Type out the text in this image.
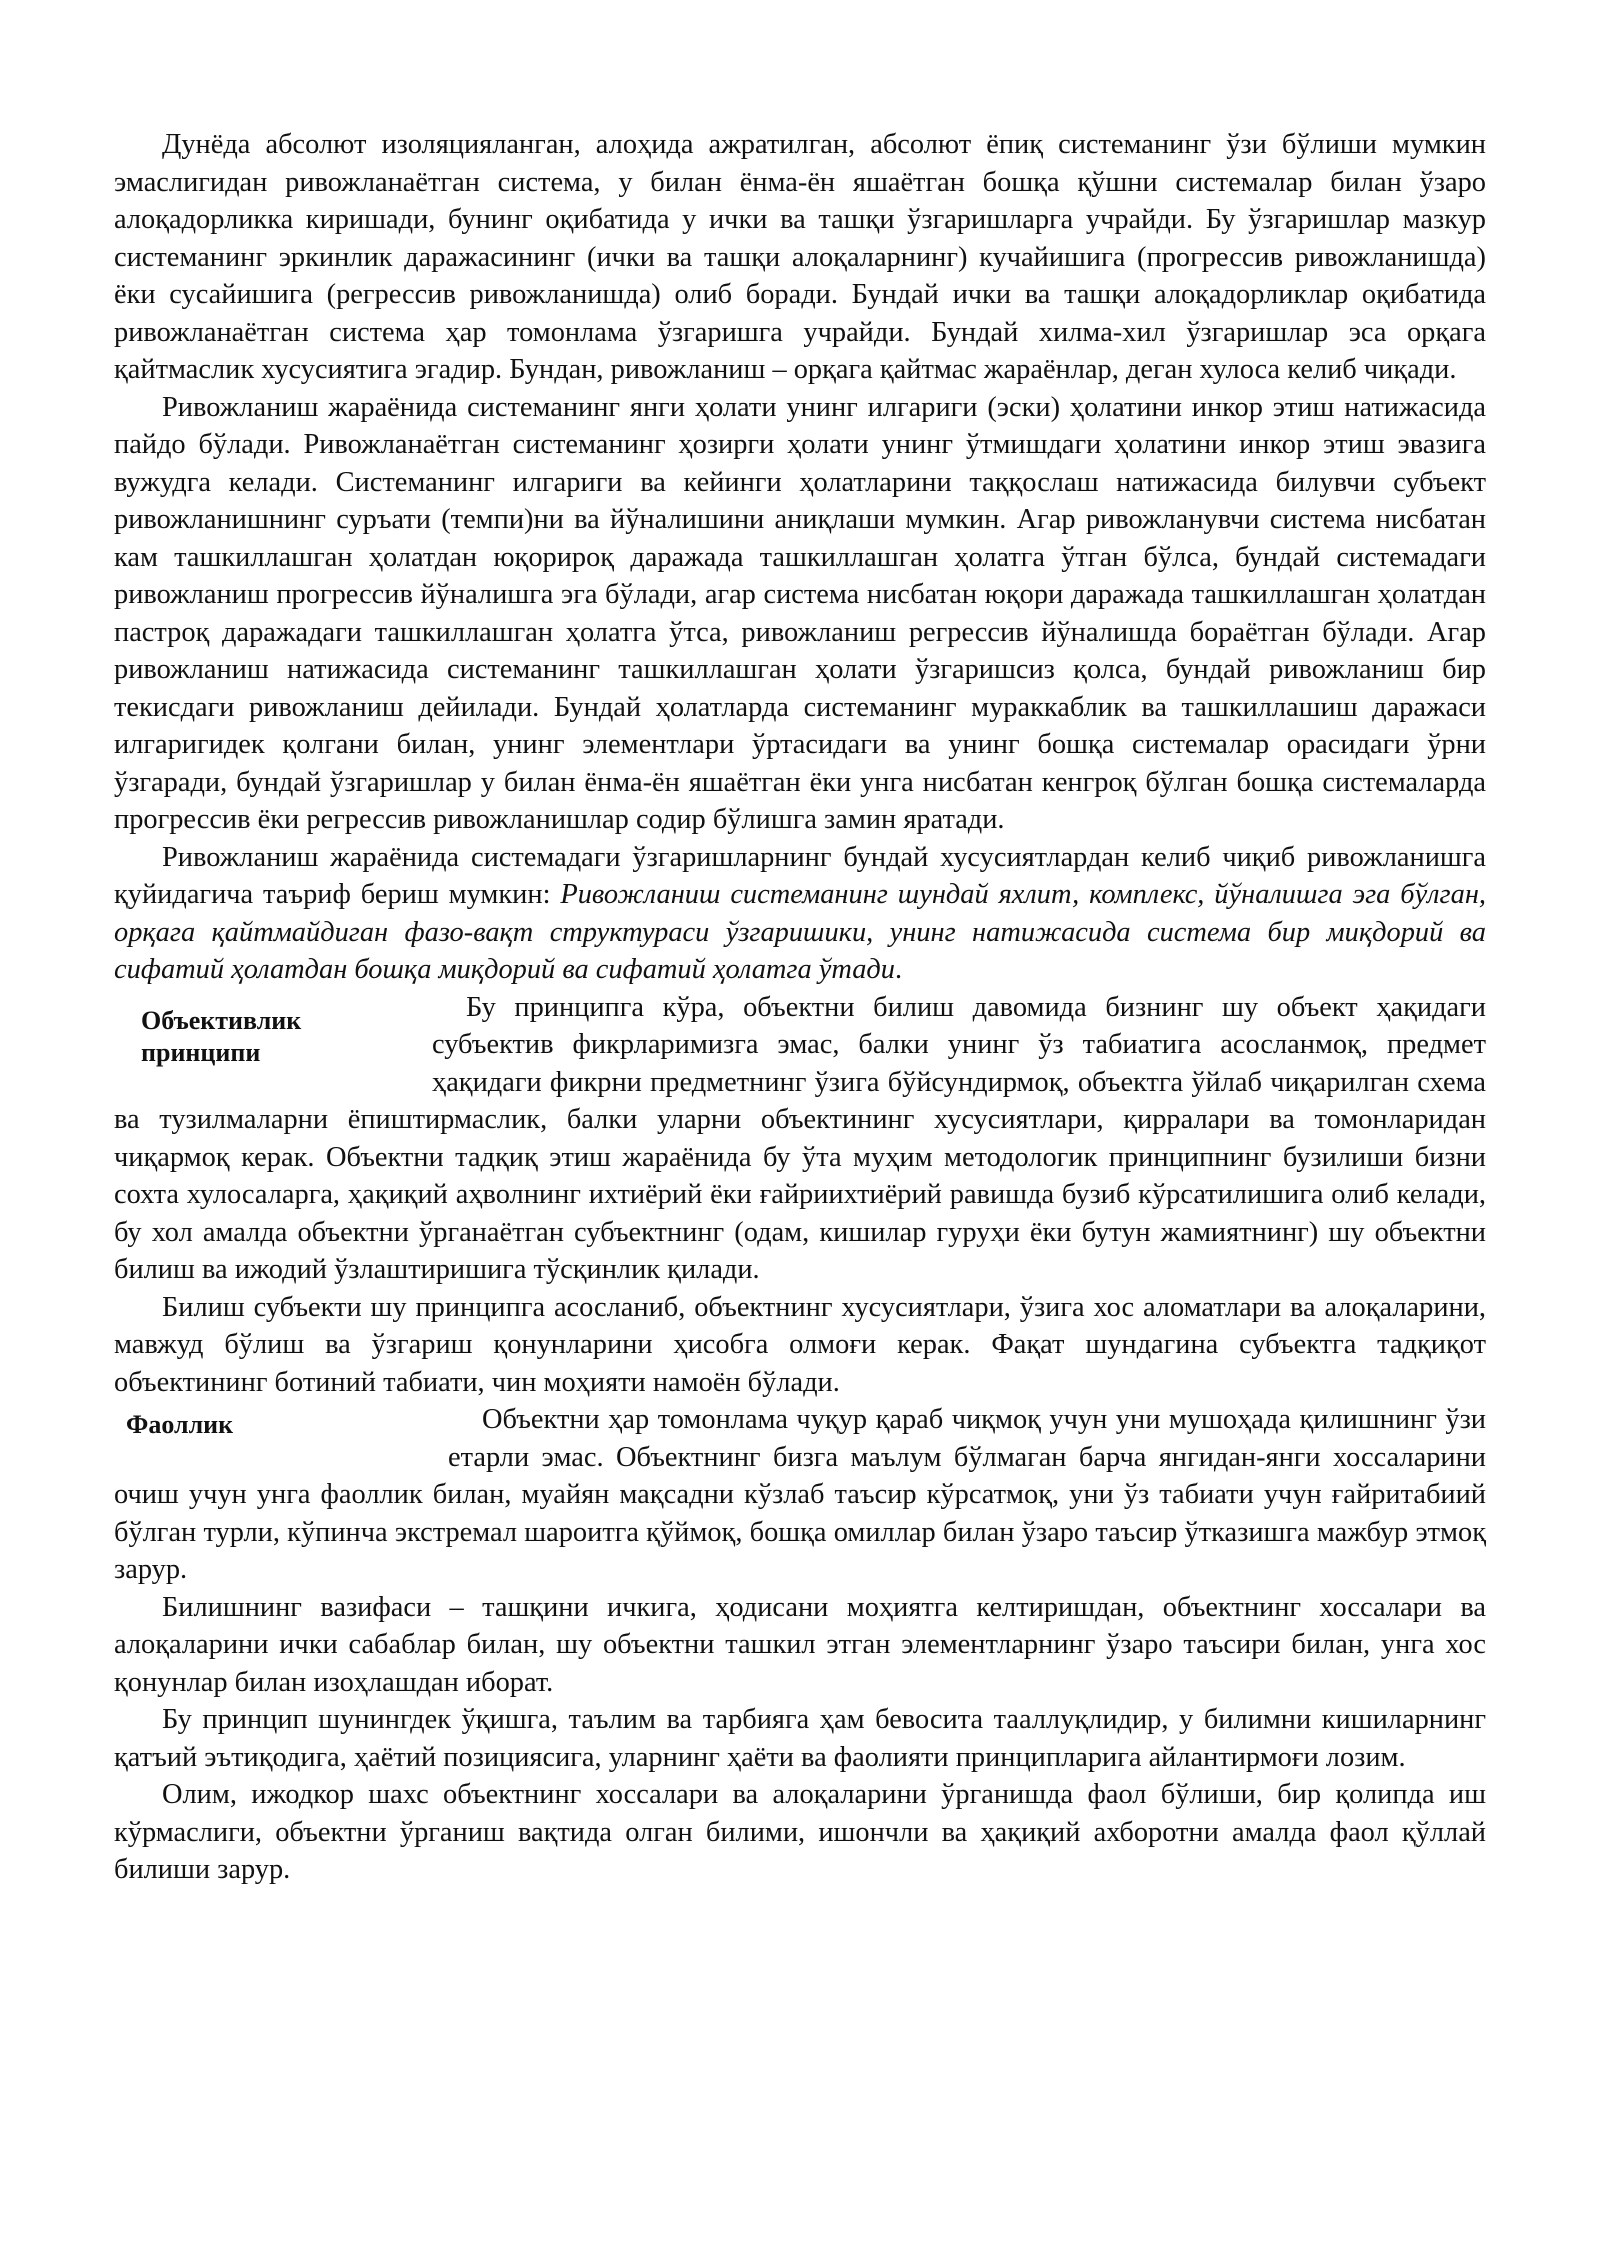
Дунёда абсолют изоляцияланган, алоҳида ажратилган, абсолют ёпиқ системанинг ўзи бўлиши мумкин эмаслигидан ривожланаётган система, у билан ёнма-ён яшаётган бошқа қўшни системалар билан ўзаро алоқадорликка киришади, бунинг оқибатида у ички ва ташқи ўзгаришларга учрайди. Бу ўзгаришлар мазкур системанинг эркинлик даражасининг (ички ва ташқи алоқаларнинг) кучайишига (прогрессив ривожланишда) ёки сусайишига (регрессив ривожланишда) олиб боради. Бундай ички ва ташқи алоқадорликлар оқибатида ривожланаётган система ҳар томонлама ўзгаришга учрайди. Бундай хилма-хил ўзгаришлар эса орқага қайтмаслик хусусиятига эгадир. Бундан, ривожланиш – орқага қайтмас жараёнлар, деган хулоса келиб чиқади.

Ривожланиш жараёнида системанинг янги ҳолати унинг илгариги (эски) ҳолатини инкор этиш натижасида пайдо бўлади. Ривожланаётган системанинг ҳозирги ҳолати унинг ўтмишдаги ҳолатини инкор этиш эвазига вужудга келади. Системанинг илгариги ва кейинги ҳолатларини таққослаш натижасида билувчи субъект ривожланишнинг суръати (темпи)ни ва йўналишини аниқлаши мумкин. Агар ривожланувчи система нисбатан кам ташкиллашган ҳолатдан юқорироқ даражада ташкиллашган ҳолатга ўтган бўлса, бундай системадаги ривожланиш прогрессив йўналишга эга бўлади, агар система нисбатан юқори даражада ташкиллашган ҳолатдан пастроқ даражадаги ташкиллашган ҳолатга ўтса, ривожланиш регрессив йўналишда бораётган бўлади. Агар ривожланиш натижасида системанинг ташкиллашган ҳолати ўзгаришсиз қолса, бундай ривожланиш бир текисдаги ривожланиш дейилади. Бундай ҳолатларда системанинг мураккаблик ва ташкиллашиш даражаси илгаригидек қолгани билан, унинг элементлари ўртасидаги ва унинг бошқа системалар орасидаги ўрни ўзгаради, бундай ўзгаришлар у билан ёнма-ён яшаётган ёки унга нисбатан кенгроқ бўлган бошқа системаларда прогрессив ёки регрессив ривожланишлар содир бўлишга замин яратади.

Ривожланиш жараёнида системадаги ўзгаришларнинг бундай хусусиятлардан келиб чиқиб ривожланишга қуйидагича таъриф бериш мумкин: Ривожланиш системанинг шундай яхлит, комплекс, йўналишга эга бўлган, орқага қайтмайдиган фазо-вақт структураси ўзгаришики, унинг натижасида система бир миқдорий ва сифатий ҳолатдан бошқа миқдорий ва сифатий ҳолатга ўтади.

Объективлик принципи

Бу принципга кўра, объектни билиш давомида бизнинг шу объект ҳақидаги субъектив фикрларимизга эмас, балки унинг ўз табиатига асосланмоқ, предмет ҳақидаги фикрни предметнинг ўзига бўйсундирмоқ, объектга ўйлаб чиқарилган схема ва тузилмаларни ёпиштирмаслик, балки уларни объектининг хусусиятлари, қирралари ва томонларидан чиқармоқ керак. Объектни тадқиқ этиш жараёнида бу ўта муҳим методологик принципнинг бузилиши бизни сохта хулосаларга, ҳақиқий аҳволнинг ихтиёрий ёки ғайриихтиёрий равишда бузиб кўрсатилишига олиб келади, бу хол амалда объектни ўрганаётган субъектнинг (одам, кишилар гуруҳи ёки бутун жамиятнинг) шу объектни билиш ва ижодий ўзлаштиришига тўсқинлик қилади.

Билиш субъекти шу принципга асосланиб, объектнинг хусусиятлари, ўзига хос аломатлари ва алоқаларини, мавжуд бўлиш ва ўзгариш қонунларини ҳисобга олмоғи керак. Фақат шундагина субъектга тадқиқот объектининг ботиний табиати, чин моҳияти намоён бўлади.

Фаоллик	Объектни ҳар томонлама чуқур қараб чиқмоқ учун уни мушоҳада қилишнинг ўзи етарли эмас. Объектнинг бизга маълум бўлмаган барча янгидан-янги хоссаларини очиш учун унга фаоллик билан, муайян мақсадни кўзлаб таъсир кўрсатмоқ, уни ўз табиати учун ғайритабиий бўлган турли, кўпинча экстремал шароитга қўймоқ, бошқа омиллар билан ўзаро таъсир ўтказишга мажбур этмоқ зарур.

Билишнинг вазифаси – ташқини ичкига, ҳодисани моҳиятга келтиришдан, объектнинг хоссалари ва алоқаларини ички сабаблар билан, шу объектни ташкил этган элементларнинг ўзаро таъсири билан, унга хос қонунлар билан изоҳлашдан иборат.

Бу принцип шунингдек ўқишга, таълим ва тарбияга ҳам бевосита тааллуқлидир, у билимни кишиларнинг қатъий эътиқодига, ҳаётий позициясига, уларнинг ҳаёти ва фаолияти принципларига айлантирмоғи лозим.

Олим, ижодкор шахс объектнинг хоссалари ва алоқаларини ўрганишда фаол бўлиши, бир қолипда иш кўрмаслиги, объектни ўрганиш вақтида олган билими, ишончли ва ҳақиқий ахборотни амалда фаол қўллай билиши зарур.
